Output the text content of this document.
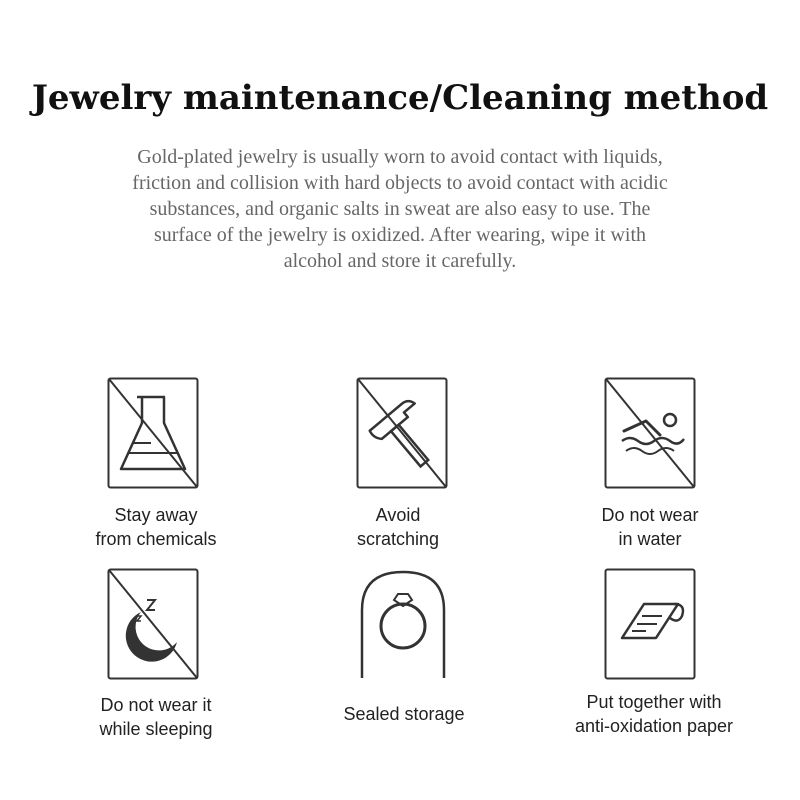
Jewelry maintenance/Cleaning method
Gold-plated jewelry is usually worn to avoid contact with liquids,
friction and collision with hard objects to avoid contact with acidic
substances, and organic salts in sweat are also easy to use. The
surface of the jewelry is oxidized. After wearing, wipe it with
alcohol and store it carefully.
Stay away
from chemicals
Avoid
scratching
Do not wear
in water
Do not wear it
while sleeping
Sealed storage
Put together with
anti-oxidation paper
